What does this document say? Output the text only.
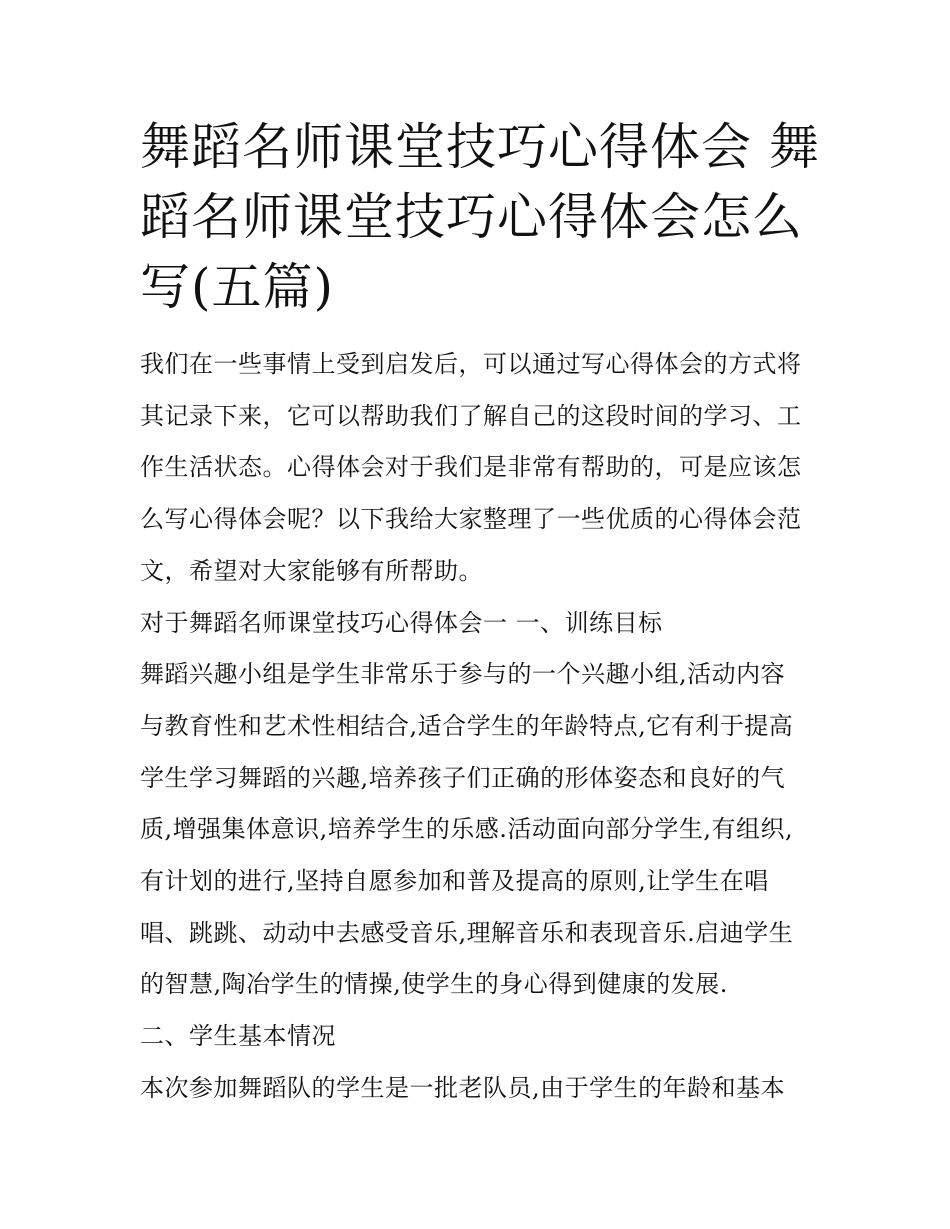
舞蹈名师课堂技巧心得体会 舞
蹈名师课堂技巧心得体会怎么
写(五篇)
我们在一些事情上受到启发后，可以通过写心得体会的方式将
其记录下来，它可以帮助我们了解自己的这段时间的学习、工
作生活状态。心得体会对于我们是非常有帮助的，可是应该怎
么写心得体会呢？以下我给大家整理了一些优质的心得体会范
文，希望对大家能够有所帮助。
对于舞蹈名师课堂技巧心得体会一 一、训练目标
舞蹈兴趣小组是学生非常乐于参与的一个兴趣小组,活动内容
与教育性和艺术性相结合,适合学生的年龄特点,它有利于提高
学生学习舞蹈的兴趣,培养孩子们正确的形体姿态和良好的气
质,增强集体意识,培养学生的乐感.活动面向部分学生,有组织,
有计划的进行,坚持自愿参加和普及提高的原则,让学生在唱
唱、跳跳、动动中去感受音乐,理解音乐和表现音乐.启迪学生
的智慧,陶冶学生的情操,使学生的身心得到健康的发展.
二、学生基本情况
本次参加舞蹈队的学生是一批老队员,由于学生的年龄和基本
